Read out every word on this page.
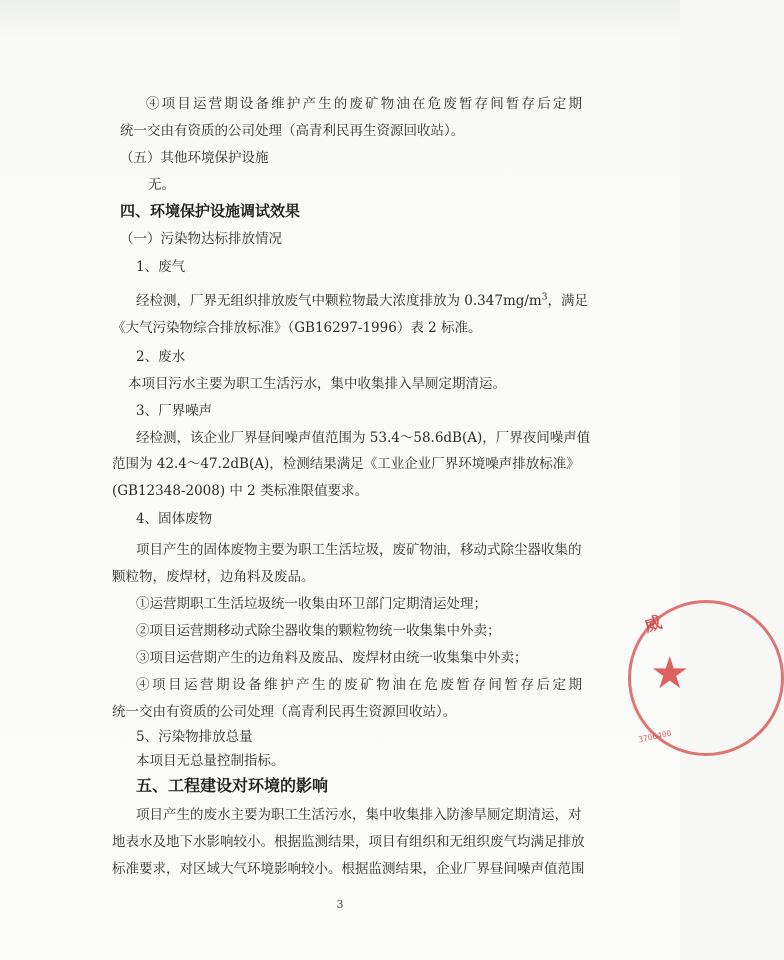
④项目运营期设备维护产生的废矿物油在危废暂存间暂存后定期
统一交由有资质的公司处理（高青利民再生资源回收站）。
（五）其他环境保护设施
无。
四、环境保护设施调试效果
（一）污染物达标排放情况
1、废气
经检测，厂界无组织排放废气中颗粒物最大浓度排放为 $0.347mg/m^3$，满足
《大气污染物综合排放标准》（GB16297-1996）表 2 标准。
2、废水
本项目污水主要为职工生活污水，集中收集排入旱厕定期清运。
3、厂界噪声
经检测，该企业厂界昼间噪声值范围为 53.4～58.6dB(A)，厂界夜间噪声值
范围为 42.4～47.2dB(A)，检测结果满足《工业企业厂界环境噪声排放标准》
(GB12348-2008) 中 2 类标准限值要求。
4、固体废物
项目产生的固体废物主要为职工生活垃圾，废矿物油，移动式除尘器收集的
颗粒物，废焊材，边角料及废品。
①运营期职工生活垃圾统一收集由环卫部门定期清运处理；
②项目运营期移动式除尘器收集的颗粒物统一收集集中外卖；
③项目运营期产生的边角料及废品、废焊材由统一收集集中外卖；
④项目运营期设备维护产生的废矿物油在危废暂存间暂存后定期
统一交由有资质的公司处理（高青利民再生资源回收站）。
5、污染物排放总量
本项目无总量控制指标。
五、工程建设对环境的影响
项目产生的废水主要为职工生活污水，集中收集排入防渗旱厕定期清运，对
地表水及地下水影响较小。根据监测结果，项目有组织和无组织废气均满足排放
标准要求，对区域大气环境影响较小。根据监测结果，企业厂界昼间噪声值范围
3
威
★
3706400
